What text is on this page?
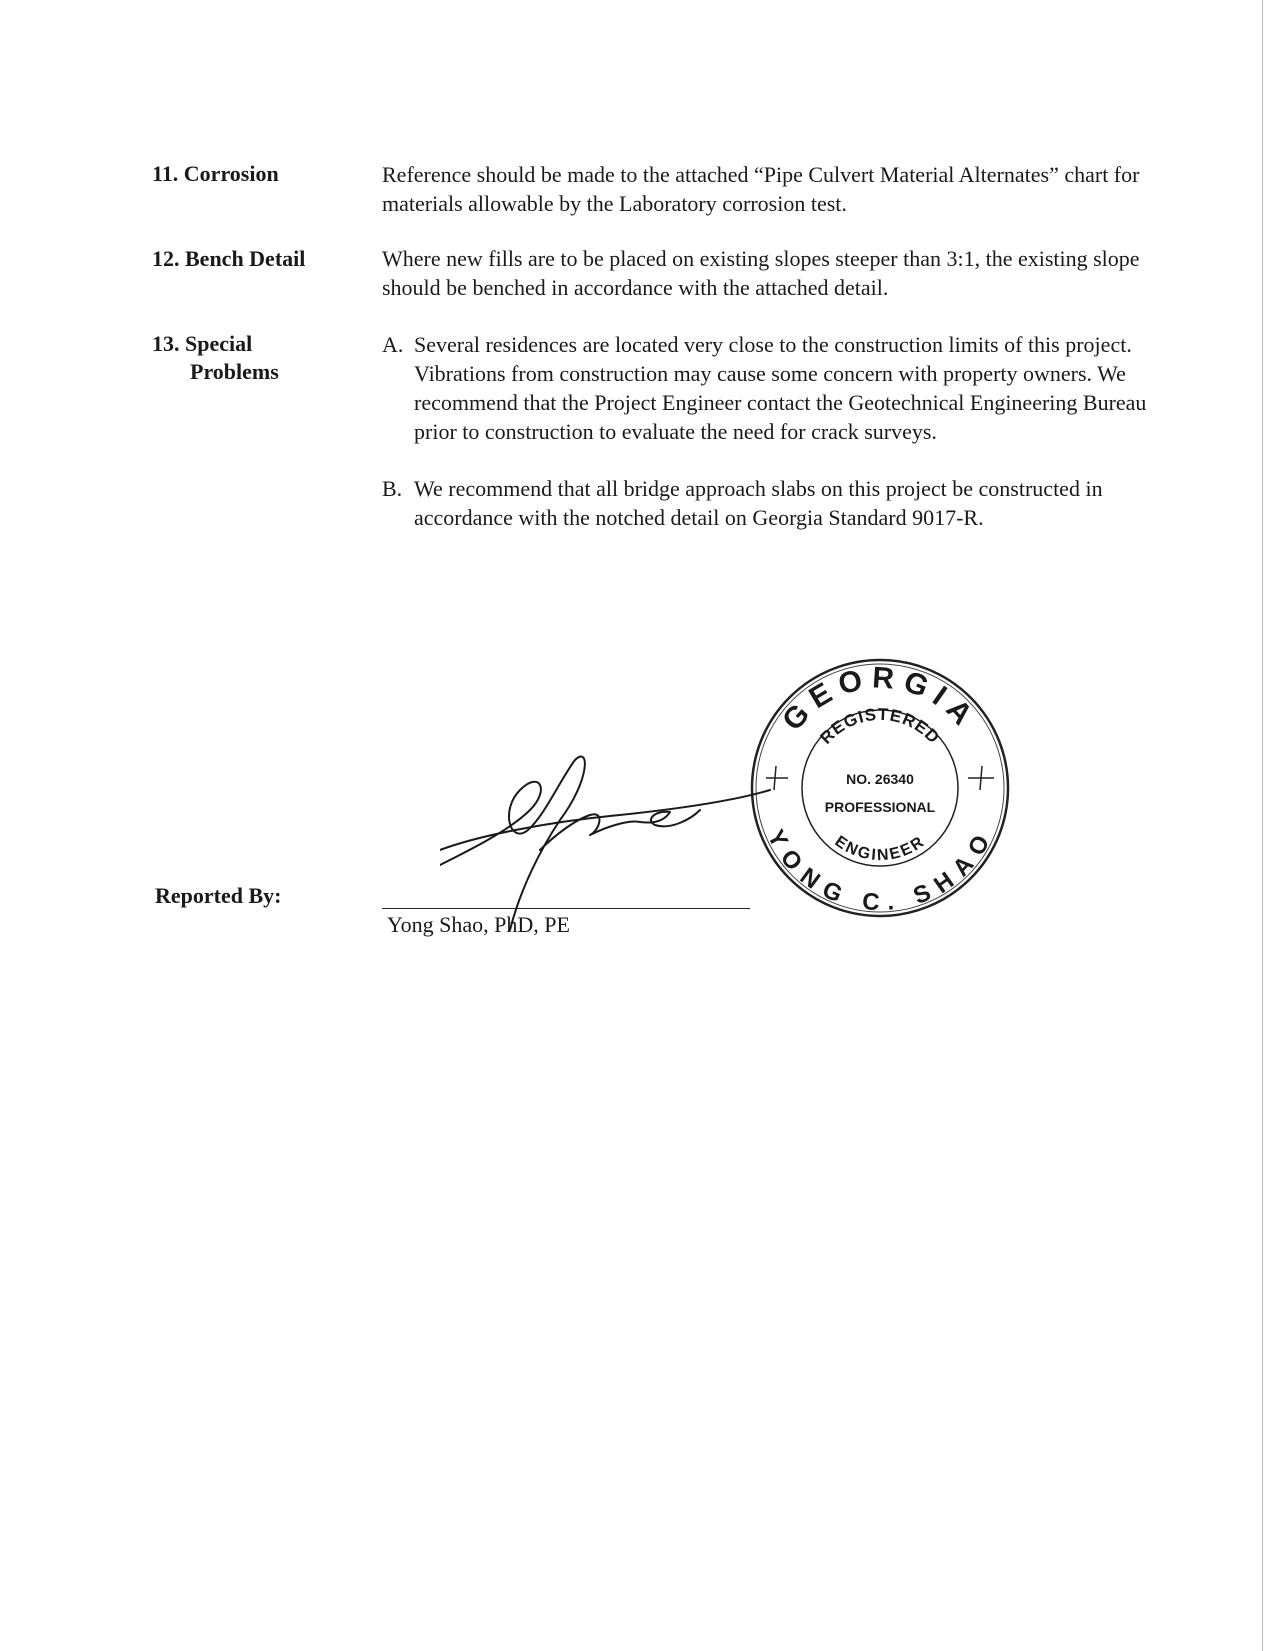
11. Corrosion	Reference should be made to the attached “Pipe Culvert Material Alternates” chart for materials allowable by the Laboratory corrosion test.
12. Bench Detail	Where new fills are to be placed on existing slopes steeper than 3:1, the existing slope should be benched in accordance with the attached detail.
13. Special
Problems
A. Several residences are located very close to the construction limits of this project. Vibrations from construction may cause some concern with property owners. We recommend that the Project Engineer contact the Geotechnical Engineering Bureau prior to construction to evaluate the need for crack surveys.
B. We recommend that all bridge approach slabs on this project be constructed in accordance with the notched detail on Georgia Standard 9017-R.
GEORGIA
REGISTERED
NO. 26340
PROFESSIONAL
ENGINEER
YONG C. SHAO
Reported By:
Yong Shao, PhD, PE
